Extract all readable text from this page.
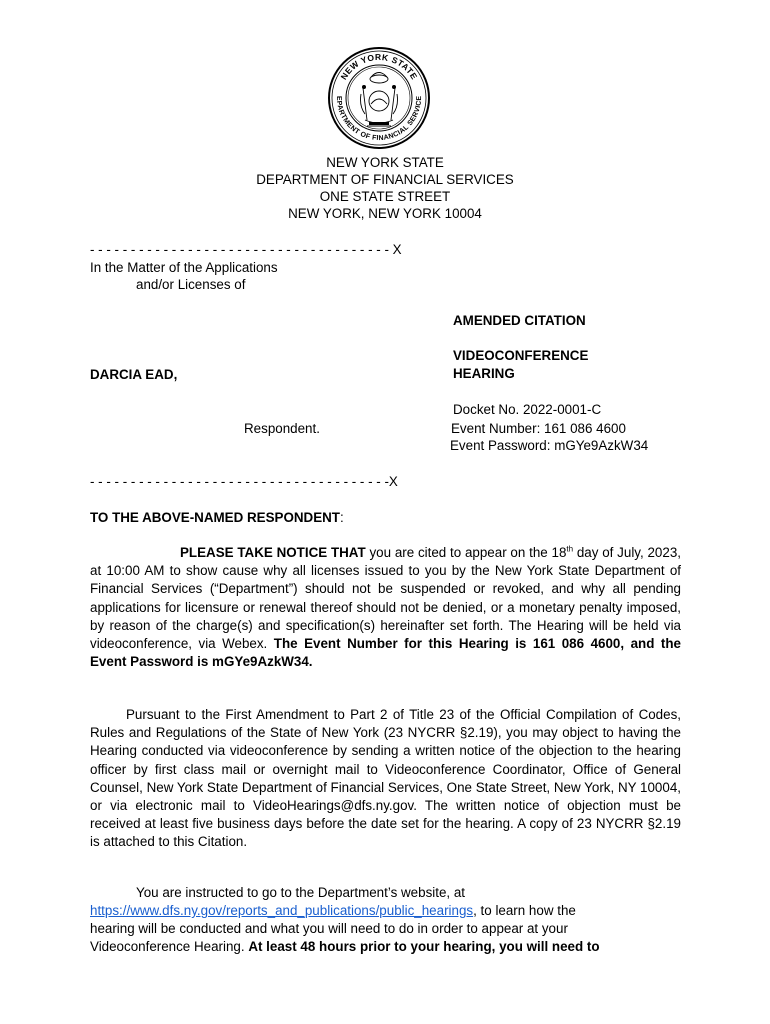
NEW YORK STATE
EPARTMENT OF FINANCIAL SERVICE
NEW YORK STATE
DEPARTMENT OF FINANCIAL SERVICES
ONE STATE STREET
NEW YORK, NEW YORK 10004
- - - - - - - - - - - - - - - - - - - - - - - - - - - - - - - - - - - - - X
In the Matter of the Applications
and/or Licenses of
AMENDED CITATION
VIDEOCONFERENCE
HEARING
DARCIA EAD,
Docket No. 2022-0001-C
Respondent.	Event Number: 161 086 4600
Event Password: mGYe9AzkW34
- - - - - - - - - - - - - - - - - - - - - - - - - - - - - - - - - - - - -X
TO THE ABOVE-NAMED RESPONDENT:
PLEASE TAKE NOTICE THAT you are cited to appear on the 18th day of July, 2023, at 10:00 AM to show cause why all licenses issued to you by the New York State Department of Financial Services (“Department”) should not be suspended or revoked, and why all pending applications for licensure or renewal thereof should not be denied, or a monetary penalty imposed, by reason of the charge(s) and specification(s) hereinafter set forth. The Hearing will be held via videoconference, via Webex. The Event Number for this Hearing is 161 086 4600, and the Event Password is mGYe9AzkW34.
Pursuant to the First Amendment to Part 2 of Title 23 of the Official Compilation of Codes, Rules and Regulations of the State of New York (23 NYCRR §2.19), you may object to having the Hearing conducted via videoconference by sending a written notice of the objection to the hearing officer by first class mail or overnight mail to Videoconference Coordinator, Office of General Counsel, New York State Department of Financial Services, One State Street, New York, NY 10004, or via electronic mail to VideoHearings@dfs.ny.gov. The written notice of objection must be received at least five business days before the date set for the hearing. A copy of 23 NYCRR §2.19 is attached to this Citation.
You are instructed to go to the Department’s website, at
https://www.dfs.ny.gov/reports_and_publications/public_hearings, to learn how the
hearing will be conducted and what you will need to do in order to appear at your
Videoconference Hearing. At least 48 hours prior to your hearing, you will need to
